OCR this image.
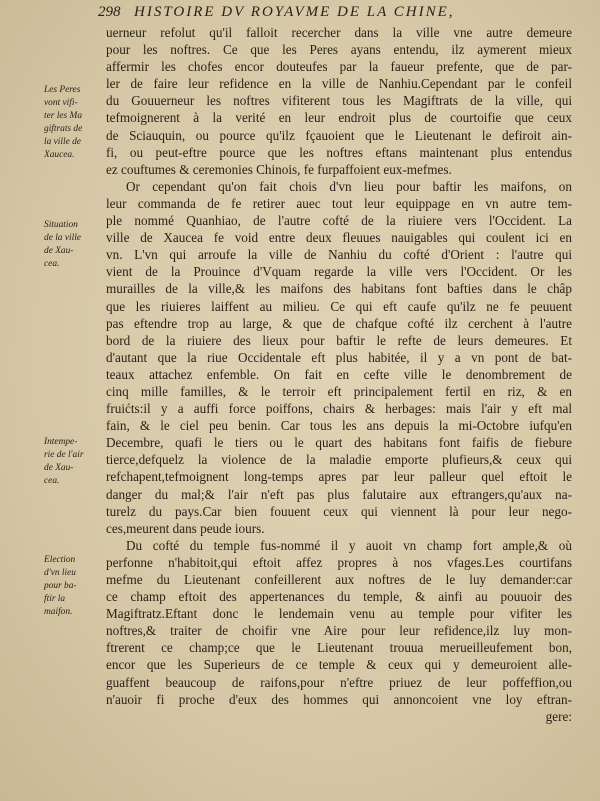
298 HISTOIRE DV ROYAVME DE LA CHINE,
Les Peres
vont vifi-
ter les Ma
giftrats de
la ville de
Xaucea.
Situation
de la ville
de Xau-
cea.
Intempe-
rie de l'air
de Xau-
cea.
Election
d'vn lieu
pour ba-
ftir la
maifon.
uerneur refolut qu'il falloit recercher dans la ville vne autre demeure
pour les noftres. Ce que les Peres ayans entendu, ilz aymerent mieux
affermir les chofes encor douteufes par la faueur prefente, que de par-
ler de faire leur refidence en la ville de Nanhiu.Cependant par le confeil
du Gouuerneur les noftres vifiterent tous les Magiftrats de la ville, qui
tefmoignerent à la verité en leur endroit plus de courtoifie que ceux
de Sciauquin, ou pource qu'ilz fçauoient que le Lieutenant le defiroit ain-
fi, ou peut-eftre pource que les noftres eftans maintenant plus entendus
ez couftumes & ceremonies Chinois, fe furpaffoient eux-mefmes.
Or cependant qu'on fait chois d'vn lieu pour baftir les maifons, on
leur commanda de fe retirer auec tout leur equippage en vn autre tem-
ple nommé Quanhiao, de l'autre cofté de la riuiere vers l'Occident. La
ville de Xaucea fe void entre deux fleuues nauigables qui coulent ici en
vn. L'vn qui arroufe la ville de Nanhiu du cofté d'Orient : l'autre qui
vient de la Prouince d'Vquam regarde la ville vers l'Occident. Or les
murailles de la ville,& les maifons des habitans font bafties dans le châp
que les riuieres laiffent au milieu. Ce qui eft caufe qu'ilz ne fe peuuent
pas eftendre trop au large, & que de chafque cofté ilz cerchent à l'autre
bord de la riuiere des lieux pour baftir le refte de leurs demeures. Et
d'autant que la riue Occidentale eft plus habitée, il y a vn pont de bat-
teaux attachez enfemble. On fait en cefte ville le denombrement de
cinq mille familles, & le terroir eft principalement fertil en riz, & en
fruićts:il y a auffi force poiffons, chairs & herbages: mais l'air y eft mal
fain, & le ciel peu benin. Car tous les ans depuis la mi-Octobre iufqu'en
Decembre, quafi le tiers ou le quart des habitans font faifis de fiebure
tierce,defquelz la violence de la maladie emporte plufieurs,& ceux qui
refchapent,tefmoignent long-temps apres par leur palleur quel eftoit le
danger du mal;& l'air n'eft pas plus falutaire aux eftrangers,qu'aux na-
turelz du pays.Car bien fouuent ceux qui viennent là pour leur nego-
ces,meurent dans peude iours.
Du cofté du temple fus-nommé il y auoit vn champ fort ample,& où
perfonne n'habitoit,qui eftoit affez propres à nos vfages.Les courtifans
mefme du Lieutenant confeillerent aux noftres de le luy demander:car
ce champ eftoit des appertenances du temple, & ainfi au pouuoir des
Magiftratz.Eftant donc le lendemain venu au temple pour vifiter les
noftres,& traiter de choifir vne Aire pour leur refidence,ilz luy mon-
ftrerent ce champ;ce que le Lieutenant trouua merueilleufement bon,
encor que les Superieurs de ce temple & ceux qui y demeuroient alle-
guaffent beaucoup de raifons,pour n'eftre priuez de leur poffeffion,ou
n'auoir fi proche d'eux des hommes qui annoncoient vne loy eftran-
gere:
